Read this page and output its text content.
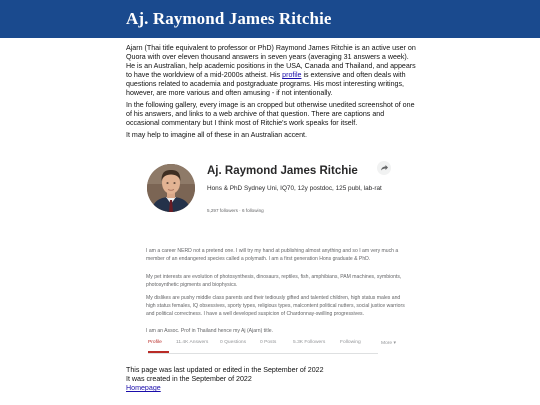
Aj. Raymond James Ritchie

Ajarn (Thai title equivalent to professor or PhD) Raymond James Ritchie is an active user on Quora with over eleven thousand answers in seven years (averaging 31 answers a week). He is an Australian, help academic positions in the USA, Canada and Thailand, and appears to have the worldview of a mid-2000s atheist. His profile is extensive and often deals with questions related to academia and postgraduate programs. His most interesting writings, however, are more various and often amusing - if not intentionally.

In the following gallery, every image is an cropped but otherwise unedited screenshot of one of his answers, and links to a web archive of that question. There are captions and occasional commentary but I think most of Ritchie's work speaks for itself.

It may help to imagine all of these in an Australian accent.

Aj. Raymond James Ritchie

Hons & PhD Sydney Uni, IQ70, 12y postdoc, 125 publ, lab-rat

5,297 followers · 6 following

I am a career NERD not a pretend one. I will try my hand at publishing almost anything and so I am very much a member of an endangered species called a polymath. I am a first generation Hons graduate & PhD.

My pet interests are evolution of photosynthesis, dinosaurs, reptiles, fish, amphibians, PAM machines, symbionts, photosynthetic pigments and biophysics.

My dislikes are pushy middle class parents and their tediously gifted and talented children, high status males and high status females, IQ obsessives, sporty types, religious types, malcontent political nutters, social justice warriors and political correctness. I have a well developed suspicion of Chardonnay-swilling progressives.

I am an Assoc. Prof in Thailand hence my Aj (Ajarn) title.

Profile	11.4K Answers 0 Questions	0 Posts	5.3K Followers	Following	More ▾

This page was last updated or edited in the September of 2022

It was created in the September of 2022

Homepage
